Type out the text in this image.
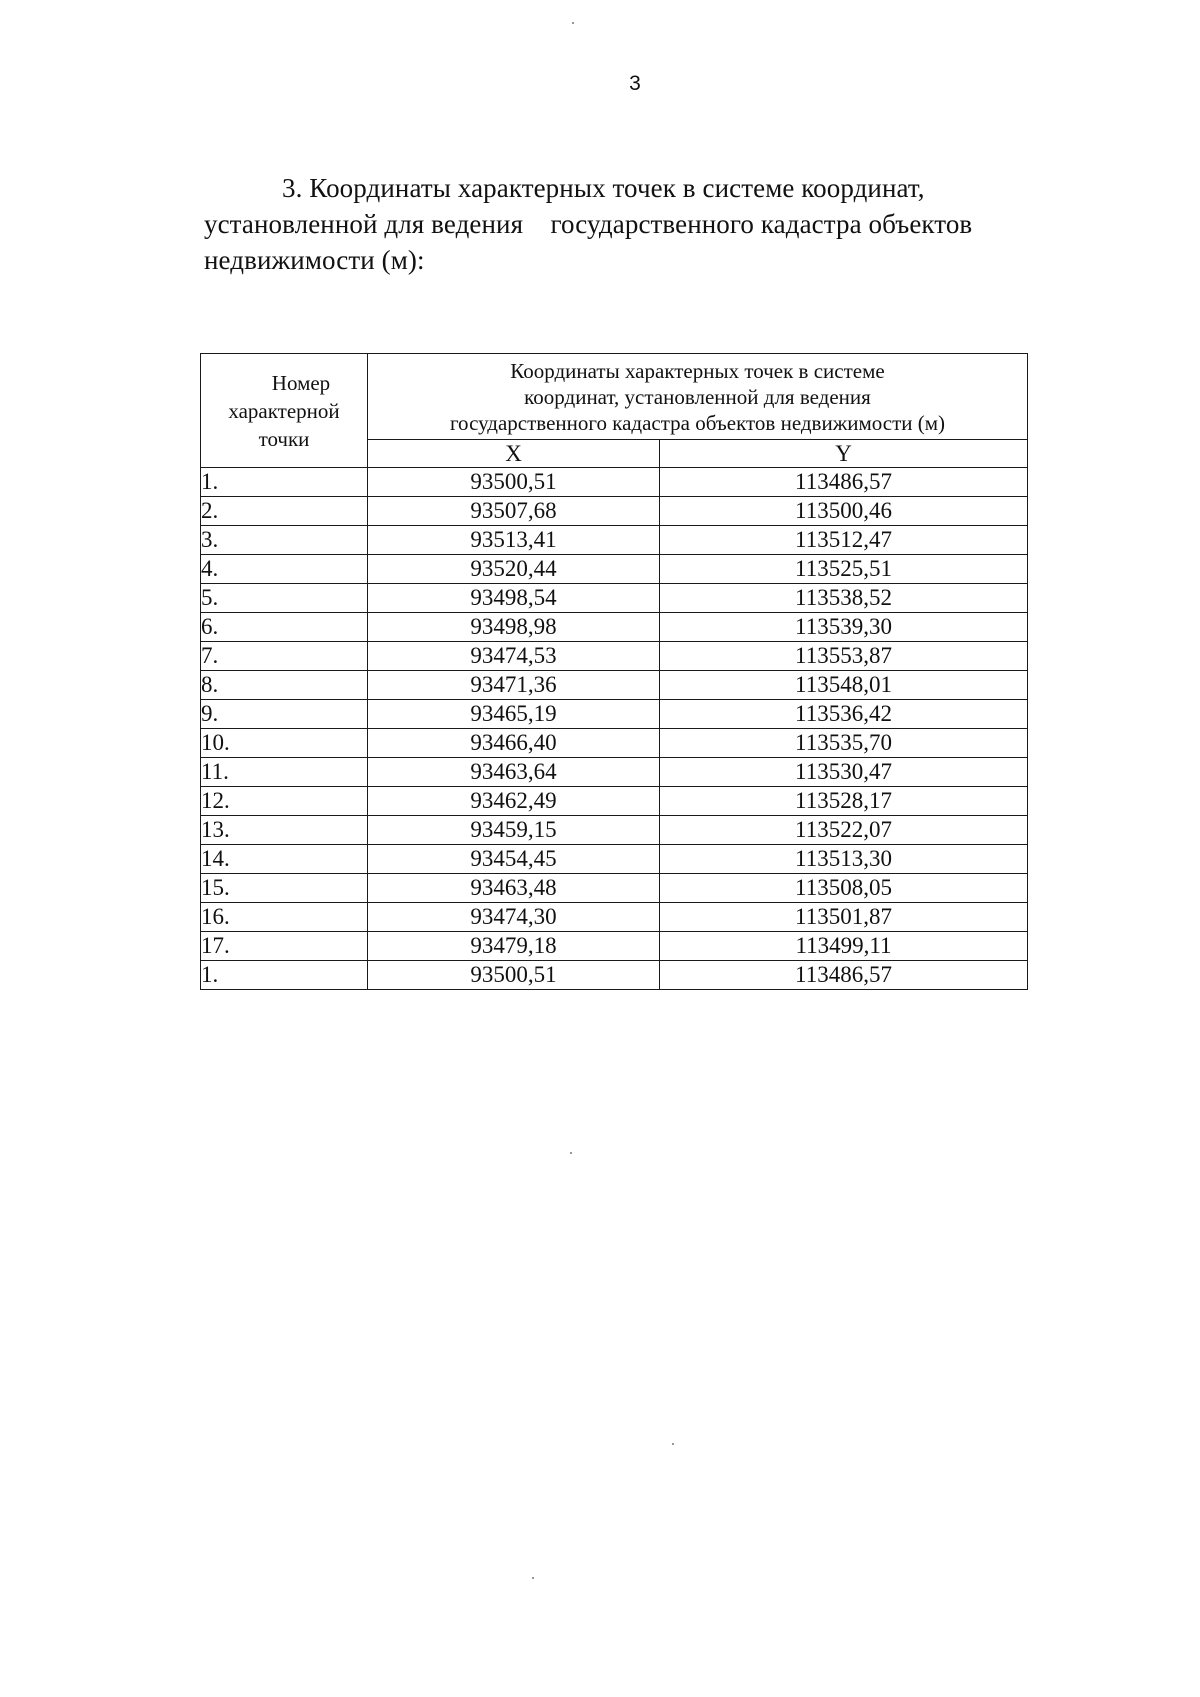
3
3. Координаты характерных точек в системе координат,
установленной для ведения    государственного кадастра объектов
недвижимости (м):
Номер
характерной
точки	Координаты характерных точек в системе
координат, установленной для ведения
государственного кадастра объектов недвижимости (м)	

	X	Y
1.	93500,51	113486,57
2.	93507,68	113500,46
3.	93513,41	113512,47
4.	93520,44	113525,51
5.	93498,54	113538,52
6.	93498,98	113539,30
7.	93474,53	113553,87
8.	93471,36	113548,01
9.	93465,19	113536,42
10.	93466,40	113535,70
11.	93463,64	113530,47
12.	93462,49	113528,17
13.	93459,15	113522,07
14.	93454,45	113513,30
15.	93463,48	113508,05
16.	93474,30	113501,87
17.	93479,18	113499,11
1.	93500,51	113486,57
